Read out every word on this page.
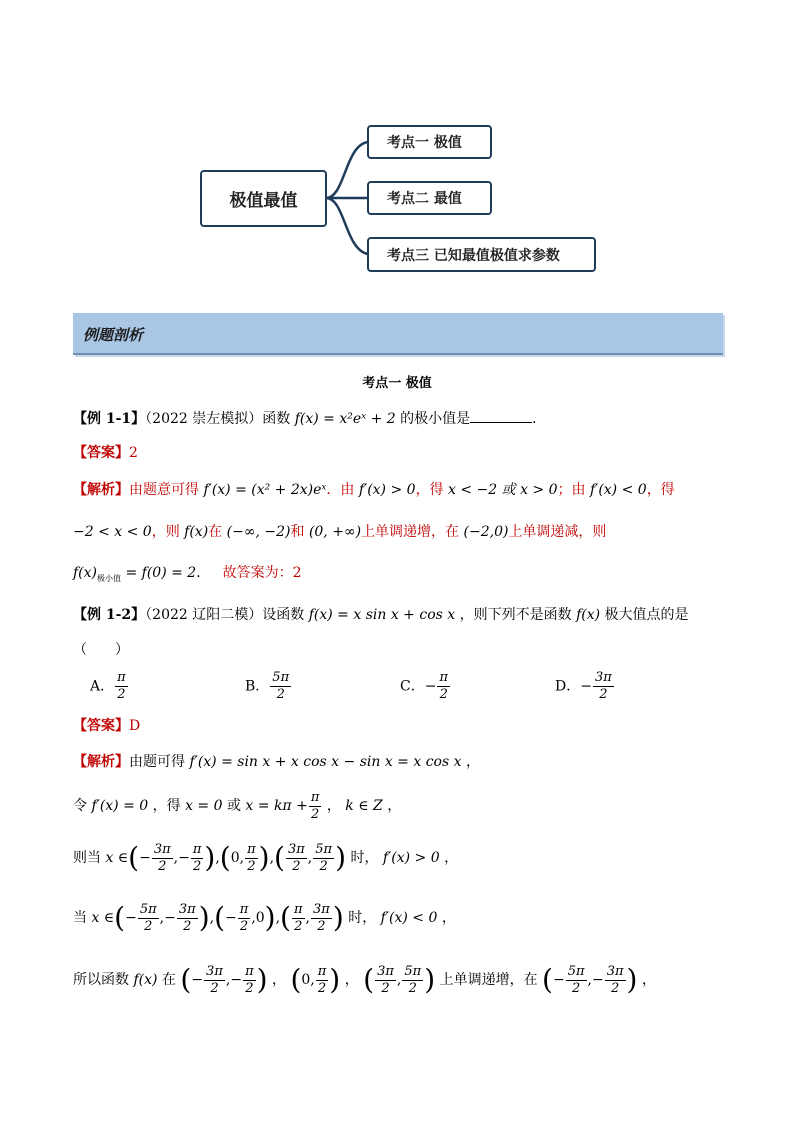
极值最值
考点一 极值
考点二 最值
考点三 已知最值极值求参数
例题剖析
考点一 极值
【例 1-1】（2022 崇左模拟）函数 f(x) = x²eˣ + 2 的极小值是	．
【答案】2
【解析】由题意可得 f′(x) = (x² + 2x)eˣ．由 f′(x) > 0，得 x < −2 或 x > 0；由 f′(x) < 0，得
−2 < x < 0，则 f(x)在 (−∞, −2)和 (0, +∞)上单调递增，在 (−2,0)上单调递减，则
$f(x)_{极小值} = f(0) = 2$． 故答案为：2
【例 1-2】（2022 辽阳二模）设函数 f(x) = x sin x + cos x ，则下列不是函数 f(x) 极大值点的是
（　　）
A． $\frac{\pi}{2}$	B． $\frac{5\pi}{2}$	C．− $\frac{\pi}{2}$	D．− $\frac{3\pi}{2}$
【答案】D
【解析】由题可得 f′(x) = sin x + x cos x − sin x = x cos x ，
令 f′(x) = 0 ，得 x = 0 或 $x = k\pi + \frac{\pi}{2}$ ， k ∈ Z ，
则当 x ∈(− $\frac{3\pi}{2}$ ,− $\frac{\pi}{2} ),(0$, $\frac{\pi}{2}$ ),( $\frac{3\pi}{2}$ , $\frac{5\pi}{2}$ ) 时， f′(x) > 0 ，
当 x ∈(− $\frac{5\pi}{2}$ ,− $\frac{3\pi}{2}$ ),(− $\frac{\pi}{2} ,0),( \frac{\pi}{2}$ , $\frac{3\pi}{2}$ ) 时， f′(x) < 0 ，
所以函数 f(x) 在 (− $\frac{3\pi}{2}$ ,− $\frac{\pi}{2}$ ) ， (0, $\frac{\pi}{2}$ ) ， ( $\frac{3\pi}{2}$ , $\frac{5\pi}{2}$ ) 上单调递增，在 (− $\frac{5\pi}{2}$ ,− $\frac{3\pi}{2}$ ) ，
